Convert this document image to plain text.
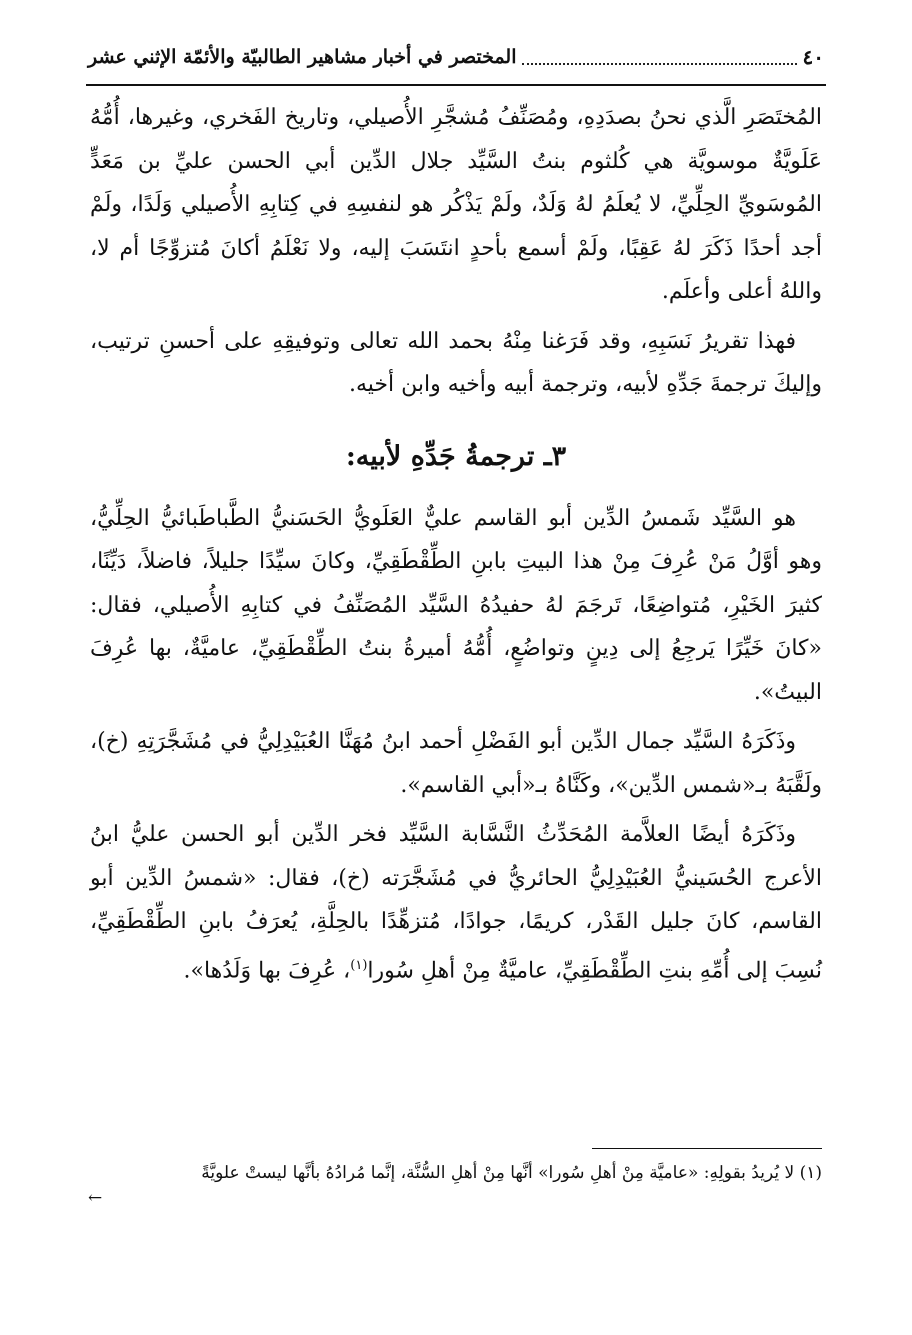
٤٠
المختصر في أخبار مشاهير الطالبيّة والأئمّة الإثني عشر

المُختَصَرِ الَّذي نحنُ بصدَدِهِ، ومُصَنِّفُ مُشجَّرِ الأُصيلي، وتاريخ الفَخري، وغيرها، أُمُّهُ عَلَويَّةٌ موسويَّة هي كُلثوم بنتُ السَّيِّد جلال الدِّين أبي الحسن عليِّ بن مَعَدٍّ المُوسَويِّ الحِلِّيِّ، لا يُعلَمُ لهُ وَلَدٌ، ولَمْ يَذْكُر هو لنفسِهِ في كِتابِهِ الأُصيلي وَلَدًا، ولَمْ أجد أحدًا ذَكَرَ لهُ عَقِبًا، ولَمْ أسمع بأحدٍ انتَسَبَ إليه، ولا نَعْلَمُ أكانَ مُتزوِّجًا أم لا، واللهُ أعلى وأعلَم.

فهذا تقريرُ نَسَبِهِ، وقد فَرَغنا مِنْهُ بحمد الله تعالى وتوفيقِهِ على أحسنِ ترتيب، وإليكَ ترجمةَ جَدِّهِ لأبيه، وترجمة أبيه وأخيه وابن أخيه.

٣ـ ترجمةُ جَدِّهِ لأبيه:

هو السَّيِّد شَمسُ الدِّين أبو القاسم عليٌّ العَلَويُّ الحَسَنيُّ الطَّباطَبائيُّ الحِلِّيُّ، وهو أوَّلُ مَنْ عُرِفَ مِنْ هذا البيتِ بابنِ الطِّقْطَقِيِّ، وكانَ سيِّدًا جليلاً، فاضلاً، دَيِّنًا، كثيرَ الخَيْرِ، مُتواضِعًا، تَرجَمَ لهُ حفيدُهُ السَّيِّد المُصَنِّفُ في كتابِهِ الأُصيلي، فقال: «كانَ خَيِّرًا يَرجِعُ إلى دِينٍ وتواضُعٍ، أُمُّهُ أميرةُ بنتُ الطِّقْطَقِيِّ، عاميَّةٌ، بها عُرِفَ البيتُ».

وذَكَرَهُ السَّيِّد جمال الدِّين أبو الفَضْلِ أحمد ابنُ مُهَنَّا العُبَيْدِلِيُّ في مُشَجَّرَتِهِ (خ)، ولَقَّبَهُ بـ«شمس الدِّين»، وكَنَّاهُ بـ«أبي القاسم».

وذَكَرَهُ أيضًا العلاَّمة المُحَدِّثُ النَّسَّابة السَّيِّد فخر الدِّين أبو الحسن عليُّ ابنُ الأعرج الحُسَينيُّ العُبَيْدِلِيُّ الحائريُّ في مُشَجَّرَته (خ)، فقال: «شمسُ الدِّين أبو القاسم، كانَ جليل القَدْر، كريمًا، جوادًا، مُتزهِّدًا بالحِلَّةِ، يُعرَفُ بابنِ الطِّقْطَقِيِّ، نُسِبَ إلى أُمِّهِ بنتِ الطِّقْطَقِيِّ، عاميَّةٌ مِنْ أهلِ سُورا$^{(١)}$، عُرِفَ بها وَلَدُها».

(١) لا يُريدُ بقولِهِ: «عاميَّة مِنْ أهلِ سُورا» أنَّها مِنْ أهلِ السُّنَّة، إنَّما مُرادُهُ بأنَّها ليستْ علويَّةً
←
